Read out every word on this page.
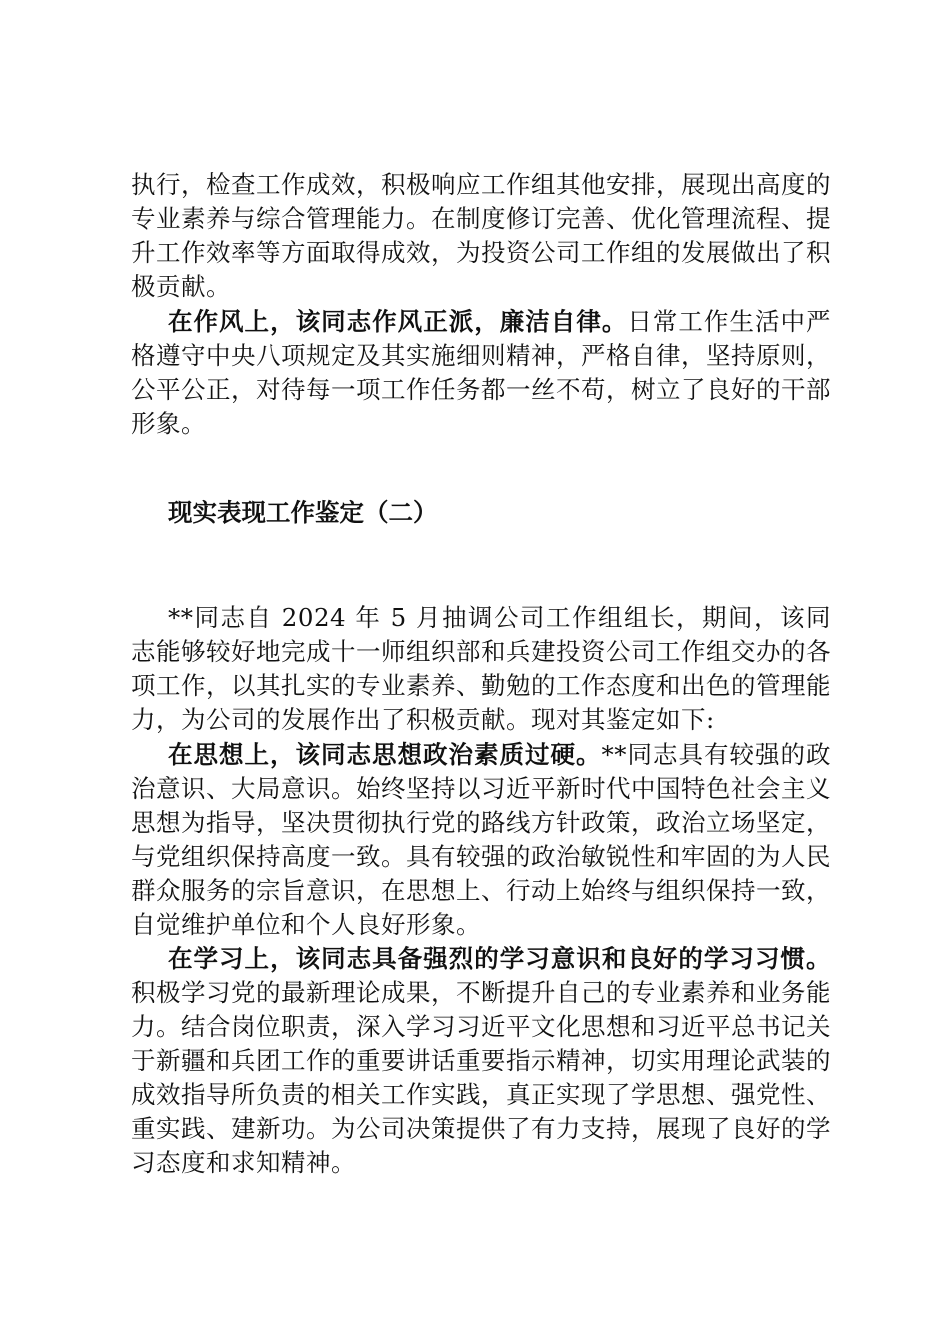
执行，检查工作成效，积极响应工作组其他安排，展现出高度的专业素养与综合管理能力。在制度修订完善、优化管理流程、提升工作效率等方面取得成效，为投资公司工作组的发展做出了积极贡献。

在作风上，该同志作风正派，廉洁自律。日常工作生活中严格遵守中央八项规定及其实施细则精神，严格自律，坚持原则，公平公正，对待每一项工作任务都一丝不苟，树立了良好的干部形象。

现实表现工作鉴定（二）

**同志自 2024 年 5 月抽调公司工作组组长，期间，该同志能够较好地完成十一师组织部和兵建投资公司工作组交办的各项工作，以其扎实的专业素养、勤勉的工作态度和出色的管理能力，为公司的发展作出了积极贡献。现对其鉴定如下:

在思想上，该同志思想政治素质过硬。**同志具有较强的政治意识、大局意识。始终坚持以习近平新时代中国特色社会主义思想为指导，坚决贯彻执行党的路线方针政策，政治立场坚定，与党组织保持高度一致。具有较强的政治敏锐性和牢固的为人民群众服务的宗旨意识，在思想上、行动上始终与组织保持一致，自觉维护单位和个人良好形象。

在学习上，该同志具备强烈的学习意识和良好的学习习惯。积极学习党的最新理论成果，不断提升自己的专业素养和业务能力。结合岗位职责，深入学习习近平文化思想和习近平总书记关于新疆和兵团工作的重要讲话重要指示精神，切实用理论武装的成效指导所负责的相关工作实践，真正实现了学思想、强党性、重实践、建新功。为公司决策提供了有力支持，展现了良好的学习态度和求知精神。
